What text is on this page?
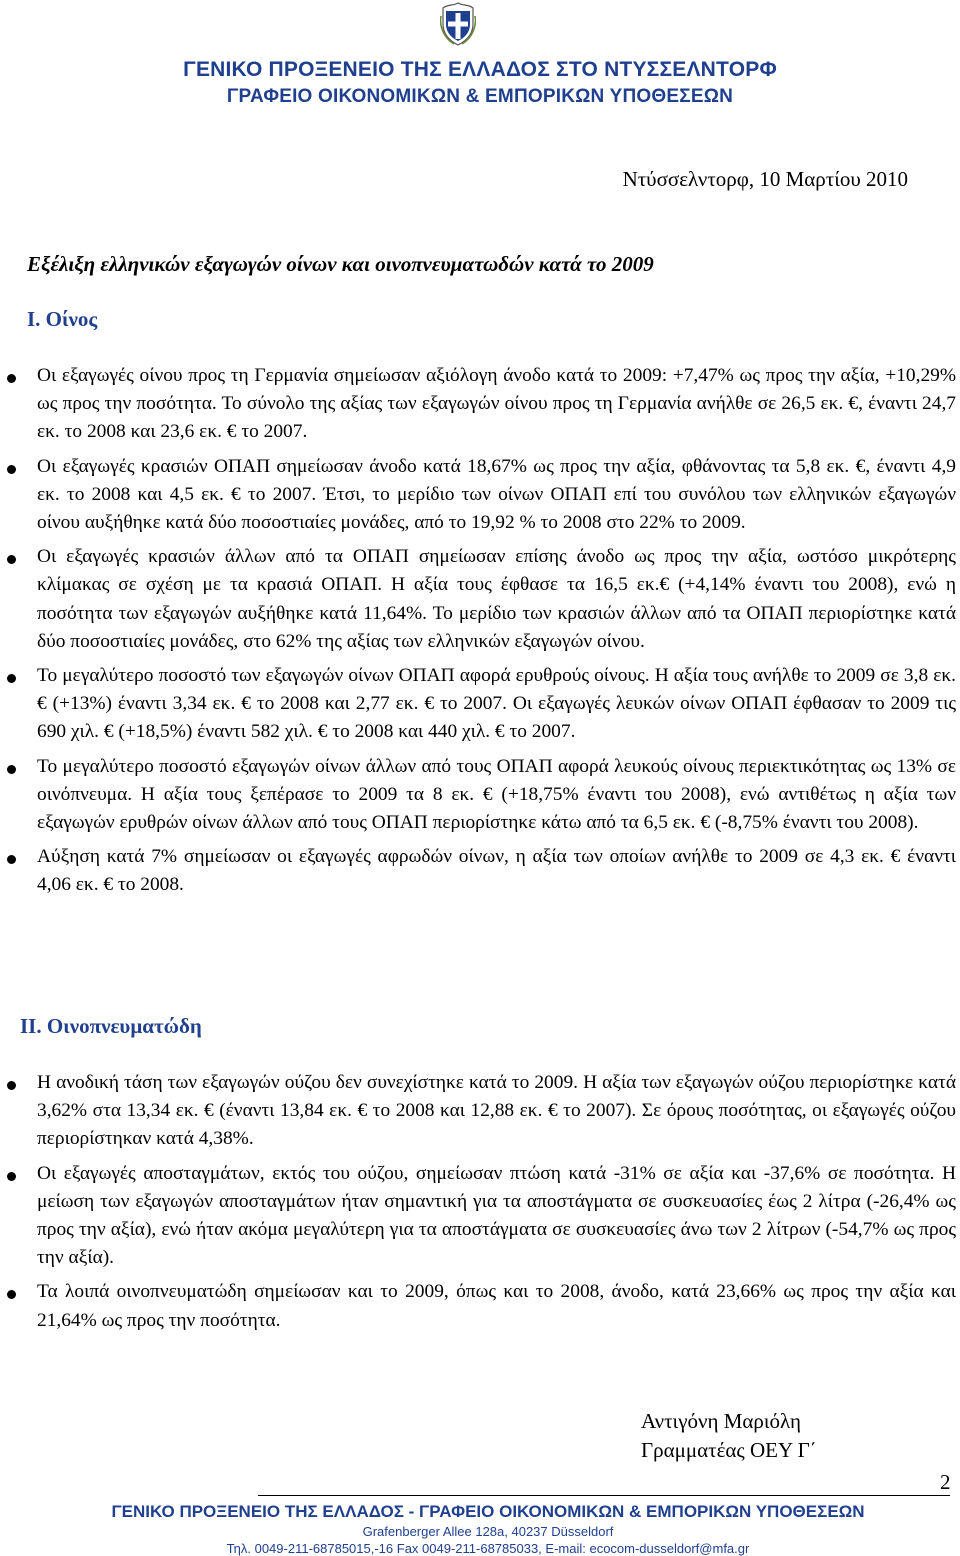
ΓΕΝΙΚΟ ΠΡΟΞΕΝΕΙΟ ΤΗΣ ΕΛΛΑΔΟΣ ΣΤΟ ΝΤΥΣΣΕΛΝΤΟΡΦ
ΓΡΑΦΕΙΟ ΟΙΚΟΝΟΜΙΚΩΝ & ΕΜΠΟΡΙΚΩΝ ΥΠΟΘΕΣΕΩΝ
Ντύσσελντορφ, 10 Μαρτίου 2010
Εξέλιξη ελληνικών εξαγωγών οίνων και οινοπνευματωδών κατά το 2009
Ι. Οίνος
Οι εξαγωγές οίνου προς τη Γερμανία σημείωσαν αξιόλογη άνοδο κατά το 2009: +7,47% ως προς την αξία, +10,29% ως προς την ποσότητα. Το σύνολο της αξίας των εξαγωγών οίνου προς τη Γερμανία ανήλθε σε 26,5 εκ. €, έναντι 24,7 εκ. το 2008 και 23,6 εκ. € το 2007.
Οι εξαγωγές κρασιών ΟΠΑΠ σημείωσαν άνοδο κατά 18,67% ως προς την αξία, φθάνοντας τα 5,8 εκ. €, έναντι 4,9 εκ. το 2008 και 4,5 εκ. € το 2007. Έτσι, το μερίδιο των οίνων ΟΠΑΠ επί του συνόλου των ελληνικών εξαγωγών οίνου αυξήθηκε κατά δύο ποσοστιαίες μονάδες, από το 19,92 % το 2008 στο 22% το 2009.
Οι εξαγωγές κρασιών άλλων από τα ΟΠΑΠ σημείωσαν επίσης άνοδο ως προς την αξία, ωστόσο μικρότερης κλίμακας σε σχέση με τα κρασιά ΟΠΑΠ. Η αξία τους έφθασε τα 16,5 εκ.€ (+4,14% έναντι του 2008), ενώ η ποσότητα των εξαγωγών αυξήθηκε κατά 11,64%. Το μερίδιο των κρασιών άλλων από τα ΟΠΑΠ περιορίστηκε κατά δύο ποσοστιαίες μονάδες, στο 62% της αξίας των ελληνικών εξαγωγών οίνου.
Το μεγαλύτερο ποσοστό των εξαγωγών οίνων ΟΠΑΠ αφορά ερυθρούς οίνους. Η αξία τους ανήλθε το 2009 σε 3,8 εκ. € (+13%) έναντι 3,34 εκ. € το 2008 και 2,77 εκ. € το 2007. Οι εξαγωγές λευκών οίνων ΟΠΑΠ έφθασαν το 2009 τις 690 χιλ. € (+18,5%) έναντι 582 χιλ. € το 2008 και 440 χιλ. € το 2007.
Το μεγαλύτερο ποσοστό εξαγωγών οίνων άλλων από τους ΟΠΑΠ αφορά λευκούς οίνους περιεκτικότητας ως 13% σε οινόπνευμα. Η αξία τους ξεπέρασε το 2009 τα 8 εκ. € (+18,75% έναντι του 2008), ενώ αντιθέτως η αξία των εξαγωγών ερυθρών οίνων άλλων από τους ΟΠΑΠ περιορίστηκε κάτω από τα 6,5 εκ. € (-8,75% έναντι του 2008).
Αύξηση κατά 7% σημείωσαν οι εξαγωγές αφρωδών οίνων, η αξία των οποίων ανήλθε το 2009 σε 4,3 εκ. € έναντι 4,06 εκ. € το 2008.
ΙΙ. Οινοπνευματώδη
Η ανοδική τάση των εξαγωγών ούζου δεν συνεχίστηκε κατά το 2009. Η αξία των εξαγωγών ούζου περιορίστηκε κατά 3,62% στα 13,34 εκ. € (έναντι 13,84 εκ. € το 2008 και 12,88 εκ. € το 2007). Σε όρους ποσότητας, οι εξαγωγές ούζου περιορίστηκαν κατά 4,38%.
Οι εξαγωγές αποσταγμάτων, εκτός του ούζου, σημείωσαν πτώση κατά -31% σε αξία και -37,6% σε ποσότητα. Η μείωση των εξαγωγών αποσταγμάτων ήταν σημαντική για τα αποστάγματα σε συσκευασίες έως 2 λίτρα (-26,4% ως προς την αξία), ενώ ήταν ακόμα μεγαλύτερη για τα αποστάγματα σε συσκευασίες άνω των 2 λίτρων (-54,7% ως προς την αξία).
Τα λοιπά οινοπνευματώδη σημείωσαν και το 2009, όπως και το 2008, άνοδο, κατά 23,66% ως προς την αξία και 21,64% ως προς την ποσότητα.
Αντιγόνη Μαριόλη
Γραμματέας ΟΕΥ Γ΄
2
ΓΕΝΙΚΟ ΠΡΟΞΕΝΕΙΟ ΤΗΣ ΕΛΛΑΔΟΣ - ΓΡΑΦΕΙΟ ΟΙΚΟΝΟΜΙΚΩΝ & ΕΜΠΟΡΙΚΩΝ ΥΠΟΘΕΣΕΩΝ
Grafenberger Allee 128a, 40237 Düsseldorf
Τηλ. 0049-211-68785015,-16 Fax 0049-211-68785033, E-mail: ecocom-dusseldorf@mfa.gr
